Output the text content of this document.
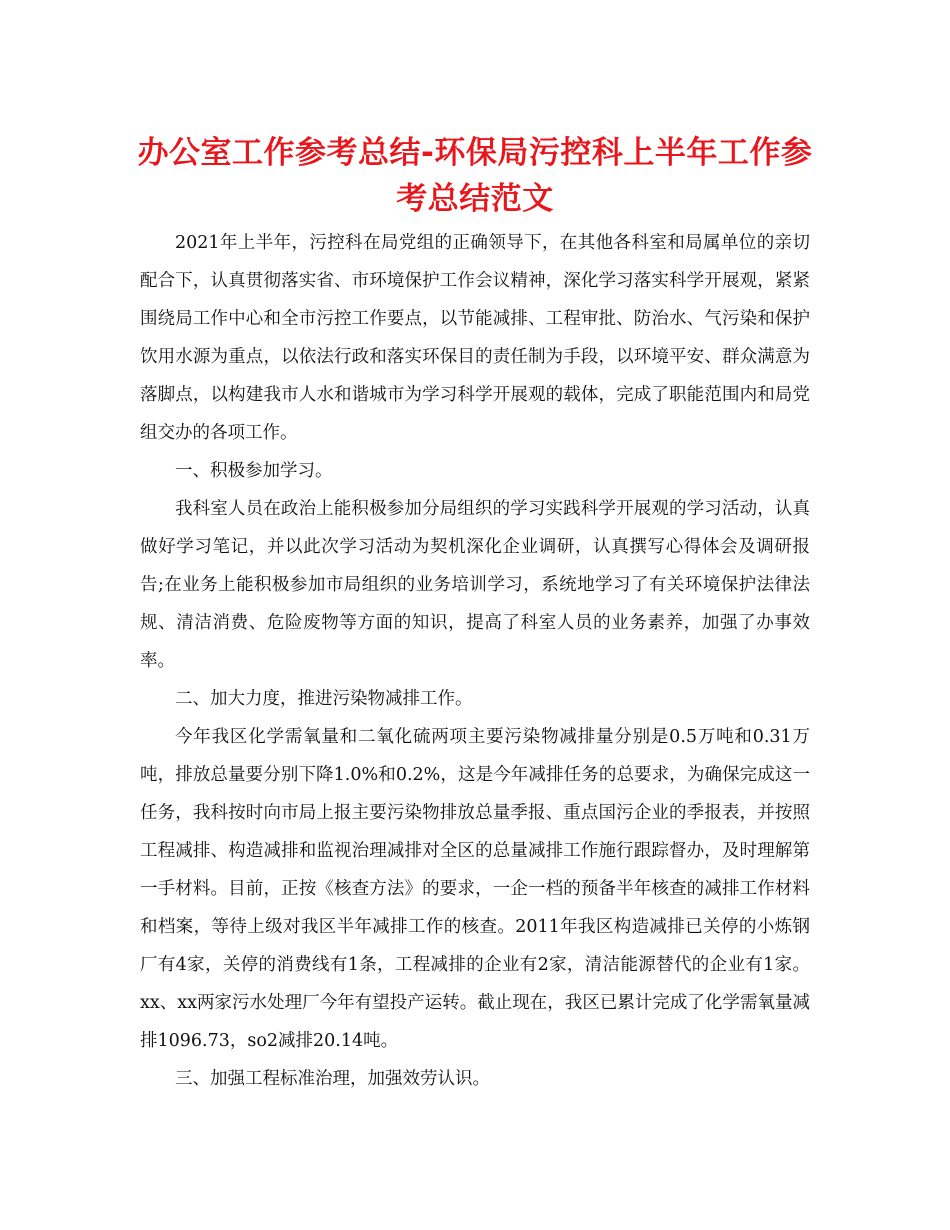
办公室工作参考总结-环保局污控科上半年工作参考总结范文

2021年上半年，污控科在局党组的正确领导下，在其他各科室和局属单位的亲切配合下，认真贯彻落实省、市环境保护工作会议精神，深化学习落实科学开展观，紧紧围绕局工作中心和全市污控工作要点，以节能减排、工程审批、防治水、气污染和保护饮用水源为重点，以依法行政和落实环保目的责任制为手段，以环境平安、群众满意为落脚点，以构建我市人水和谐城市为学习科学开展观的载体，完成了职能范围内和局党组交办的各项工作。

一、积极参加学习。

我科室人员在政治上能积极参加分局组织的学习实践科学开展观的学习活动，认真做好学习笔记，并以此次学习活动为契机深化企业调研，认真撰写心得体会及调研报告;在业务上能积极参加市局组织的业务培训学习，系统地学习了有关环境保护法律法规、清洁消费、危险废物等方面的知识，提高了科室人员的业务素养，加强了办事效率。

二、加大力度，推进污染物减排工作。

今年我区化学需氧量和二氧化硫两项主要污染物减排量分别是0.5万吨和0.31万吨，排放总量要分别下降1.0%和0.2%，这是今年减排任务的总要求，为确保完成这一任务，我科按时向市局上报主要污染物排放总量季报、重点国污企业的季报表，并按照工程减排、构造减排和监视治理减排对全区的总量减排工作施行跟踪督办，及时理解第一手材料。目前，正按《核查方法》的要求，一企一档的预备半年核查的减排工作材料和档案，等待上级对我区半年减排工作的核查。2011年我区构造减排已关停的小炼钢厂有4家，关停的消费线有1条，工程减排的企业有2家，清洁能源替代的企业有1家。xx、xx两家污水处理厂今年有望投产运转。截止现在，我区已累计完成了化学需氧量减排1096.73，so2减排20.14吨。

三、加强工程标准治理，加强效劳认识。
